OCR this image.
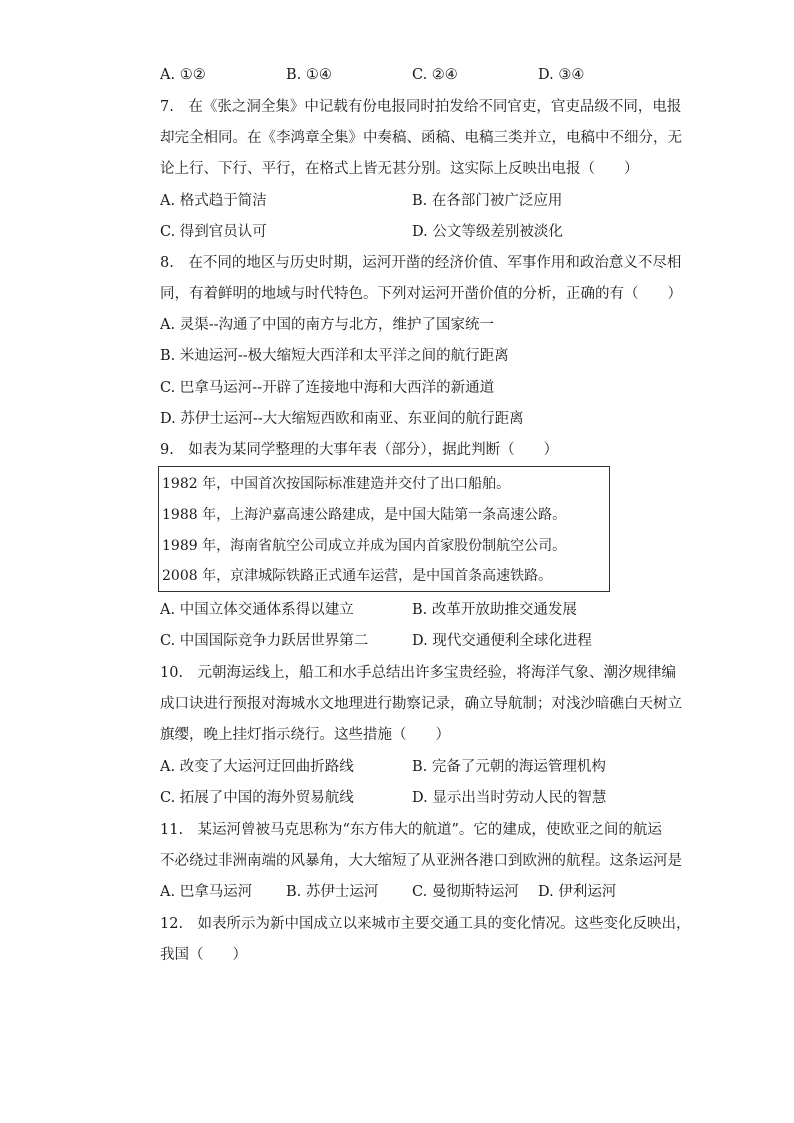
A. ①②	B. ①④	C. ②④	D. ③④
7.　在《张之洞全集》中记载有份电报同时拍发给不同官吏，官吏品级不同，电报
却完全相同。在《李鸿章全集》中奏稿、函稿、电稿三类并立，电稿中不细分，无
论上行、下行、平行，在格式上皆无甚分别。这实际上反映出电报（　　）
A. 格式趋于简洁	B. 在各部门被广泛应用
C. 得到官员认可	D. 公文等级差别被淡化
8.　在不同的地区与历史时期，运河开凿的经济价值、军事作用和政治意义不尽相
同，有着鲜明的地域与时代特色。下列对运河开凿价值的分析，正确的有（　　）
A. 灵渠--沟通了中国的南方与北方，维护了国家统一
B. 米迪运河--极大缩短大西洋和太平洋之间的航行距离
C. 巴拿马运河--开辟了连接地中海和大西洋的新通道
D. 苏伊士运河--大大缩短西欧和南亚、东亚间的航行距离
9.　如表为某同学整理的大事年表（部分），据此判断（　　）
1982 年，中国首次按国际标准建造并交付了出口船舶。
1988 年，上海沪嘉高速公路建成，是中国大陆第一条高速公路。
1989 年，海南省航空公司成立并成为国内首家股份制航空公司。
2008 年，京津城际铁路正式通车运营，是中国首条高速铁路。
A. 中国立体交通体系得以建立	B. 改革开放助推交通发展
C. 中国国际竞争力跃居世界第二	D. 现代交通便利全球化进程
10.　元朝海运线上，船工和水手总结出许多宝贵经验，将海洋气象、潮汐规律编
成口诀进行预报对海城水文地理进行勘察记录，确立导航制；对浅沙暗礁白天树立
旗缨，晚上挂灯指示绕行。这些措施（　　）
A. 改变了大运河迂回曲折路线	B. 完备了元朝的海运管理机构
C. 拓展了中国的海外贸易航线	D. 显示出当时劳动人民的智慧
11.　某运河曾被马克思称为“东方伟大的航道”。它的建成，使欧亚之间的航运
不必绕过非洲南端的风暴角，大大缩短了从亚洲各港口到欧洲的航程。这条运河是
A. 巴拿马运河 B. 苏伊士运河 C. 曼彻斯特运河 D. 伊利运河
12.　如表所示为新中国成立以来城市主要交通工具的变化情况。这些变化反映出，
我国（　　）
